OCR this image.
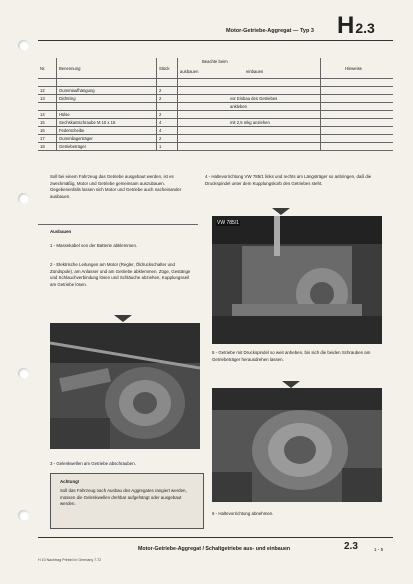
Motor-Getriebe-Aggregat — Typ 3 H2.3
Nr.	Benennung	Stück	Beachte beim
ausbauen	einbauen	Hinweise

12	Gummiaufhängung	2			
13	Dichtring	2		vor Einbau des Getriebes	
				ankleben	
14	Hülse	2			
15	Sechskantschraube M 10 x 15	4		mit 2,5 mkg anziehen	
16	Federscheibe	4			
17	Gummilagerträger	2			
18	Getriebeträger	1			
Soll bei einem Fahrzeug das Getriebe ausgebaut werden, ist es zweckmäßig, Motor und Getriebe gemeinsam auszubauen. Gegebenenfalls lassen sich Motor und Getriebe auch nacheinander ausbauen.
4 - Haltevorrichtung VW 785/1 links und rechts am Längsträger so anbringen, daß die Druckspindel unter dem Kupplungskorb des Getriebes steht.
Ausbauen
1 - Massekabel von der Batterie abklemmen.
2 - Elektrische Leitungen am Motor (Regler, Öldruckschalter und Zündspule), am Anlasser und am Getriebe abklemmen. Züge, Gestänge und Schlauchverbindung lösen und Schläuche abziehen, Kupplungsseil am Getriebe lösen.
3 - Gelenkwellen am Getriebe abschrauben.
Achtung!
Soll das Fahrzeug nach Ausbau des Aggregates rangiert werden, müssen die Gelenkwellen drehbar aufgehängt oder ausgebaut werden.
VW 785/1
5 - Getriebe mit Druckspindel so weit anheben, bis sich die beiden Schrauben am Getriebeträger herausdrehen lassen.
6 - Haltevorrichtung abnehmen.
Motor-Getriebe-Aggregat / Schaltgetriebe aus- und einbauen	2.3	1 - 5
H 10 Nachtrag Printed in Germany 7.72
